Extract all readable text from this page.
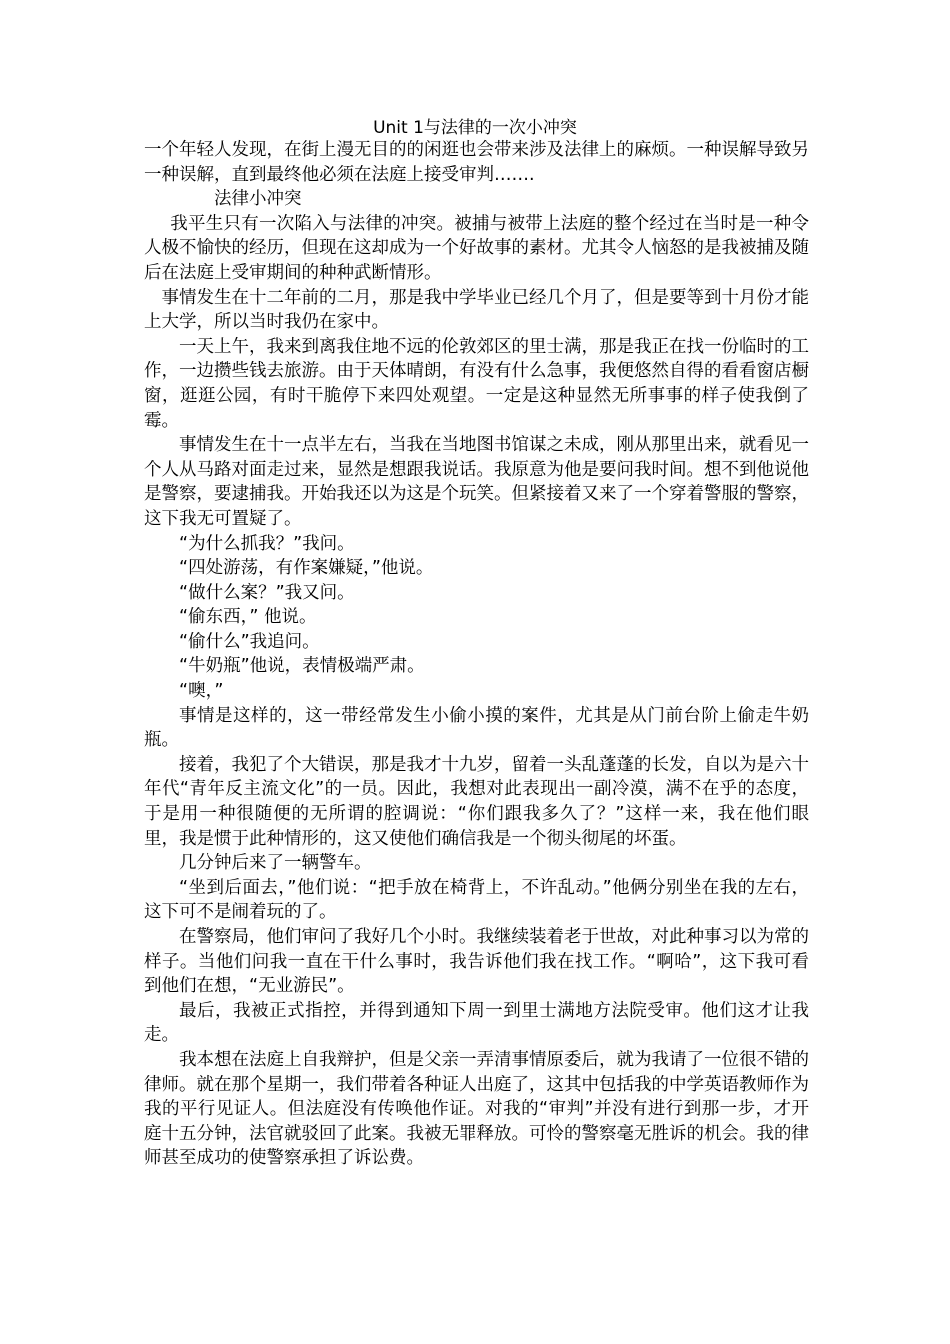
Unit 1与法律的一次小冲突

一个年轻人发现，在街上漫无目的的闲逛也会带来涉及法律上的麻烦。一种误解导致另一种误解，直到最终他必须在法庭上接受审判…….

法律小冲突

我平生只有一次陷入与法律的冲突。被捕与被带上法庭的整个经过在当时是一种令人极不愉快的经历，但现在这却成为一个好故事的素材。尤其令人恼怒的是我被捕及随后在法庭上受审期间的种种武断情形。

事情发生在十二年前的二月，那是我中学毕业已经几个月了，但是要等到十月份才能上大学，所以当时我仍在家中。

一天上午，我来到离我住地不远的伦敦郊区的里士满，那是我正在找一份临时的工作，一边攒些钱去旅游。由于天体晴朗，有没有什么急事，我便悠然自得的看看窗店橱窗，逛逛公园，有时干脆停下来四处观望。一定是这种显然无所事事的样子使我倒了霉。

事情发生在十一点半左右，当我在当地图书馆谋之未成，刚从那里出来，就看见一个人从马路对面走过来，显然是想跟我说话。我原意为他是要问我时间。想不到他说他是警察，要逮捕我。开始我还以为这是个玩笑。但紧接着又来了一个穿着警服的警察，这下我无可置疑了。

“为什么抓我？”我问。

“四处游荡，有作案嫌疑，”他说。

“做什么案？”我又问。

“偷东西，” 他说。

“偷什么”我追问。

“牛奶瓶”他说，表情极端严肃。

“噢，”

事情是这样的，这一带经常发生小偷小摸的案件，尤其是从门前台阶上偷走牛奶瓶。

接着，我犯了个大错误，那是我才十九岁，留着一头乱蓬蓬的长发，自以为是六十年代“青年反主流文化”的一员。因此，我想对此表现出一副冷漠，满不在乎的态度，于是用一种很随便的无所谓的腔调说：“你们跟我多久了？”这样一来，我在他们眼里，我是惯于此种情形的，这又使他们确信我是一个彻头彻尾的坏蛋。

几分钟后来了一辆警车。

“坐到后面去，”他们说：“把手放在椅背上，不许乱动。”他俩分别坐在我的左右，这下可不是闹着玩的了。

在警察局，他们审问了我好几个小时。我继续装着老于世故，对此种事习以为常的样子。当他们问我一直在干什么事时，我告诉他们我在找工作。“啊哈”，这下我可看到他们在想，“无业游民”。

最后，我被正式指控，并得到通知下周一到里士满地方法院受审。他们这才让我走。

我本想在法庭上自我辩护，但是父亲一弄清事情原委后，就为我请了一位很不错的律师。就在那个星期一，我们带着各种证人出庭了，这其中包括我的中学英语教师作为我的平行见证人。但法庭没有传唤他作证。对我的“审判”并没有进行到那一步，才开庭十五分钟，法官就驳回了此案。我被无罪释放。可怜的警察毫无胜诉的机会。我的律师甚至成功的使警察承担了诉讼费。
